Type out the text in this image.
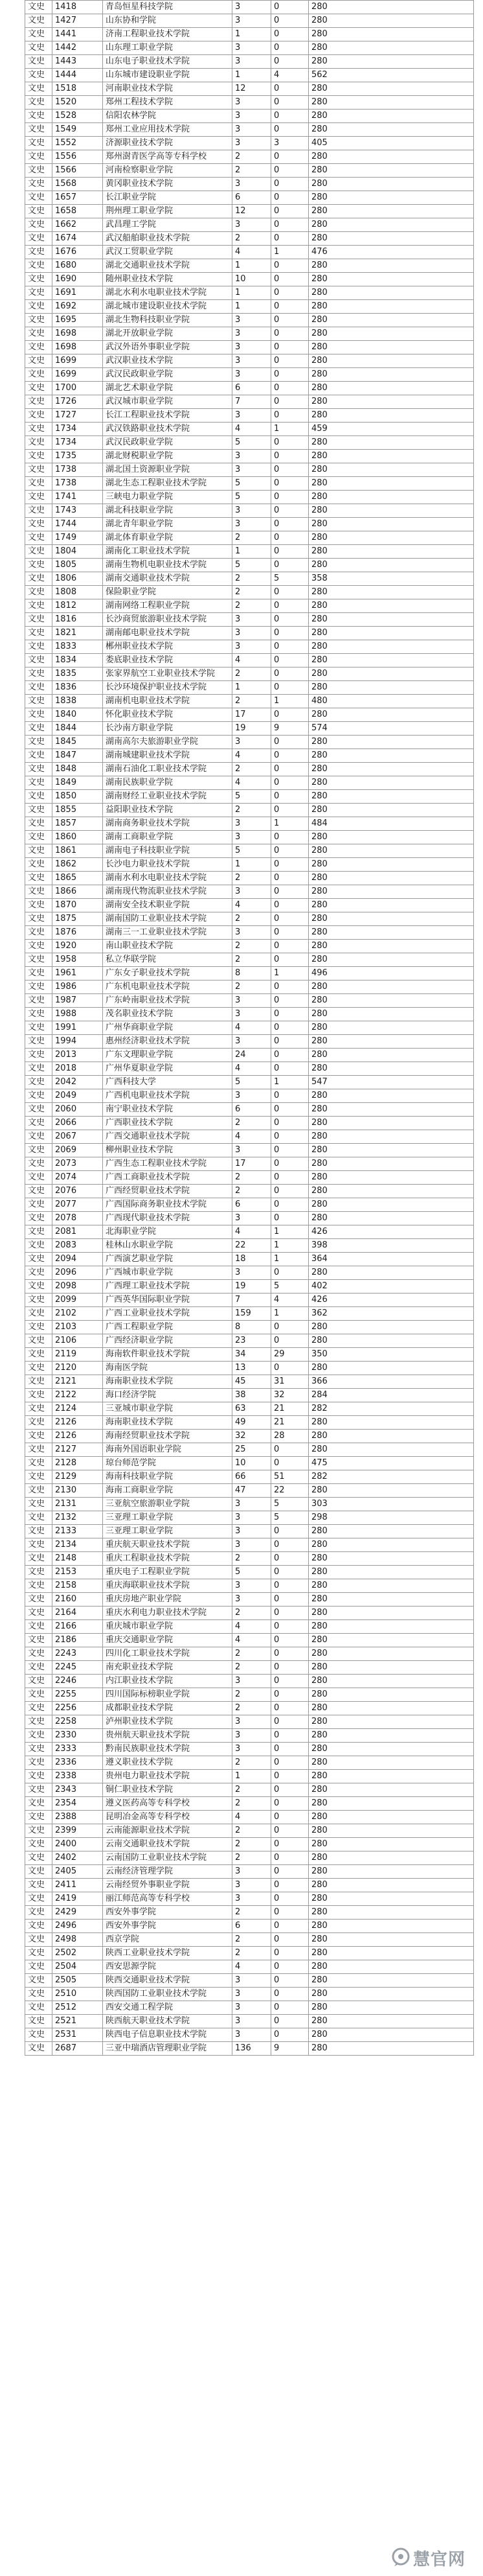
文史	1418	青岛恒星科技学院	3	0	280
文史	1427	山东协和学院	3	0	280
文史	1441	济南工程职业技术学院	1	0	280
文史	1442	山东理工职业学院	3	0	280
文史	1443	山东电子职业技术学院	3	0	280
文史	1444	山东城市建设职业学院	1	4	562
文史	1518	河南职业技术学院	12	0	280
文史	1520	郑州工程技术学院	3	0	280
文史	1528	信阳农林学院	3	0	280
文史	1549	郑州工业应用技术学院	3	0	280
文史	1552	济源职业技术学院	3	3	405
文史	1556	郑州澍青医学高等专科学校	2	0	280
文史	1566	河南检察职业学院	2	0	280
文史	1568	黄冈职业技术学院	3	0	280
文史	1657	长江职业学院	6	0	280
文史	1658	荆州理工职业学院	12	0	280
文史	1662	武昌理工学院	3	0	280
文史	1674	武汉船舶职业技术学院	2	0	280
文史	1676	武汉工贸职业学院	4	1	476
文史	1680	湖北交通职业技术学院	1	0	280
文史	1690	随州职业技术学院	10	0	280
文史	1691	湖北水利水电职业技术学院	1	0	280
文史	1692	湖北城市建设职业技术学院	1	0	280
文史	1695	湖北生物科技职业学院	3	0	280
文史	1698	湖北开放职业学院	3	0	280
文史	1698	武汉外语外事职业学院	3	0	280
文史	1699	武汉职业技术学院	3	0	280
文史	1699	武汉民政职业学院	3	0	280
文史	1700	湖北艺术职业学院	6	0	280
文史	1726	武汉城市职业学院	7	0	280
文史	1727	长江工程职业技术学院	3	0	280
文史	1734	武汉铁路职业技术学院	4	1	459
文史	1734	武汉民政职业学院	5	0	280
文史	1735	湖北财税职业学院	3	0	280
文史	1738	湖北国土资源职业学院	3	0	280
文史	1738	湖北生态工程职业技术学院	5	0	280
文史	1741	三峡电力职业学院	5	0	280
文史	1743	湖北科技职业学院	3	0	280
文史	1744	湖北青年职业学院	3	0	280
文史	1749	湖北体育职业学院	2	0	280
文史	1804	湖南化工职业技术学院	1	0	280
文史	1805	湖南生物机电职业技术学院	5	0	280
文史	1806	湖南交通职业技术学院	2	5	358
文史	1808	保险职业学院	2	0	280
文史	1812	湖南网络工程职业学院	2	0	280
文史	1816	长沙商贸旅游职业技术学院	3	0	280
文史	1821	湖南邮电职业技术学院	3	0	280
文史	1833	郴州职业技术学院	3	0	280
文史	1834	娄底职业技术学院	4	0	280
文史	1835	张家界航空工业职业技术学院	2	0	280
文史	1836	长沙环境保护职业技术学院	1	0	280
文史	1838	湖南机电职业技术学院	2	1	480
文史	1840	怀化职业技术学院	17	0	280
文史	1844	长沙南方职业学院	19	9	574
文史	1845	湖南高尔夫旅游职业学院	3	0	280
文史	1847	湖南城建职业技术学院	4	0	280
文史	1848	湖南石油化工职业技术学院	2	0	280
文史	1849	湖南民族职业学院	4	0	280
文史	1850	湖南财经工业职业技术学院	5	0	280
文史	1855	益阳职业技术学院	2	0	280
文史	1857	湖南商务职业技术学院	3	1	484
文史	1860	湖南工商职业学院	3	0	280
文史	1861	湖南电子科技职业学院	5	0	280
文史	1862	长沙电力职业技术学院	1	0	280
文史	1865	湖南水利水电职业技术学院	2	0	280
文史	1866	湖南现代物流职业技术学院	3	0	280
文史	1870	湖南安全技术职业学院	4	0	280
文史	1875	湖南国防工业职业技术学院	2	0	280
文史	1876	湖南三一工业职业技术学院	3	0	280
文史	1920	南山职业技术学院	2	0	280
文史	1958	私立华联学院	2	0	280
文史	1961	广东女子职业技术学院	8	1	496
文史	1986	广东机电职业技术学院	2	0	280
文史	1987	广东岭南职业技术学院	3	0	280
文史	1988	茂名职业技术学院	3	0	280
文史	1991	广州华商职业学院	4	0	280
文史	1994	惠州经济职业技术学院	3	0	280
文史	2013	广东文理职业学院	24	0	280
文史	2018	广州华夏职业学院	4	0	280
文史	2042	广西科技大学	5	1	547
文史	2049	广西机电职业技术学院	3	0	280
文史	2060	南宁职业技术学院	6	0	280
文史	2066	广西职业技术学院	2	0	280
文史	2067	广西交通职业技术学院	4	0	280
文史	2069	柳州职业技术学院	3	0	280
文史	2073	广西生态工程职业技术学院	17	0	280
文史	2074	广西工商职业技术学院	2	0	280
文史	2076	广西经贸职业技术学院	2	0	280
文史	2077	广西国际商务职业技术学院	6	0	280
文史	2078	广西现代职业技术学院	3	0	280
文史	2081	北海职业学院	4	1	426
文史	2083	桂林山水职业学院	22	1	398
文史	2094	广西演艺职业学院	18	1	364
文史	2096	广西城市职业学院	3	0	280
文史	2098	广西理工职业技术学院	19	5	402
文史	2099	广西英华国际职业学院	7	4	426
文史	2102	广西工业职业技术学院	159	1	362
文史	2103	广西工程职业学院	8	0	280
文史	2106	广西经济职业学院	23	0	280
文史	2119	海南软件职业技术学院	34	29	350
文史	2120	海南医学院	13	0	280
文史	2121	海南职业技术学院	45	31	366
文史	2122	海口经济学院	38	32	284
文史	2124	三亚城市职业学院	63	21	282
文史	2126	海南职业技术学院	49	21	280
文史	2126	海南经贸职业技术学院	32	28	280
文史	2127	海南外国语职业学院	25	0	280
文史	2128	琼台师范学院	10	0	475
文史	2129	海南科技职业学院	66	51	282
文史	2130	海南工商职业学院	47	22	280
文史	2131	三亚航空旅游职业学院	3	5	303
文史	2132	三亚理工职业学院	3	5	298
文史	2133	三亚理工职业学院	3	0	280
文史	2134	重庆航天职业技术学院	3	0	280
文史	2148	重庆工程职业技术学院	2	0	280
文史	2153	重庆电子工程职业学院	5	0	280
文史	2158	重庆海联职业技术学院	3	0	280
文史	2160	重庆房地产职业学院	3	0	280
文史	2164	重庆水利电力职业技术学院	2	0	280
文史	2166	重庆城市职业学院	4	0	280
文史	2186	重庆交通职业学院	4	0	280
文史	2243	四川化工职业技术学院	2	0	280
文史	2245	南充职业技术学院	2	0	280
文史	2246	内江职业技术学院	3	0	280
文史	2255	四川国际标榜职业学院	2	0	280
文史	2256	成都职业技术学院	2	0	280
文史	2258	泸州职业技术学院	3	0	280
文史	2330	贵州航天职业技术学院	3	0	280
文史	2333	黔南民族职业技术学院	3	0	280
文史	2336	遵义职业技术学院	2	0	280
文史	2338	贵州电力职业技术学院	1	0	280
文史	2343	铜仁职业技术学院	2	0	280
文史	2354	遵义医药高等专科学校	2	0	280
文史	2388	昆明冶金高等专科学校	4	0	280
文史	2399	云南能源职业技术学院	2	0	280
文史	2400	云南交通职业技术学院	2	0	280
文史	2402	云南国防工业职业技术学院	2	0	280
文史	2405	云南经济管理学院	3	0	280
文史	2411	云南经贸外事职业学院	3	0	280
文史	2419	丽江师范高等专科学校	3	0	280
文史	2429	西安外事学院	2	0	280
文史	2496	西安外事学院	6	0	280
文史	2498	西京学院	2	0	280
文史	2502	陕西工业职业技术学院	2	0	280
文史	2504	西安思源学院	4	0	280
文史	2505	陕西交通职业技术学院	3	0	280
文史	2510	陕西国防工业职业技术学院	3	0	280
文史	2512	西安交通工程学院	3	0	280
文史	2521	陕西航天职业技术学院	3	0	280
文史	2531	陕西电子信息职业技术学院	3	0	280
文史	2687	三亚中瑞酒店管理职业学院	136	9	280
慧官网
